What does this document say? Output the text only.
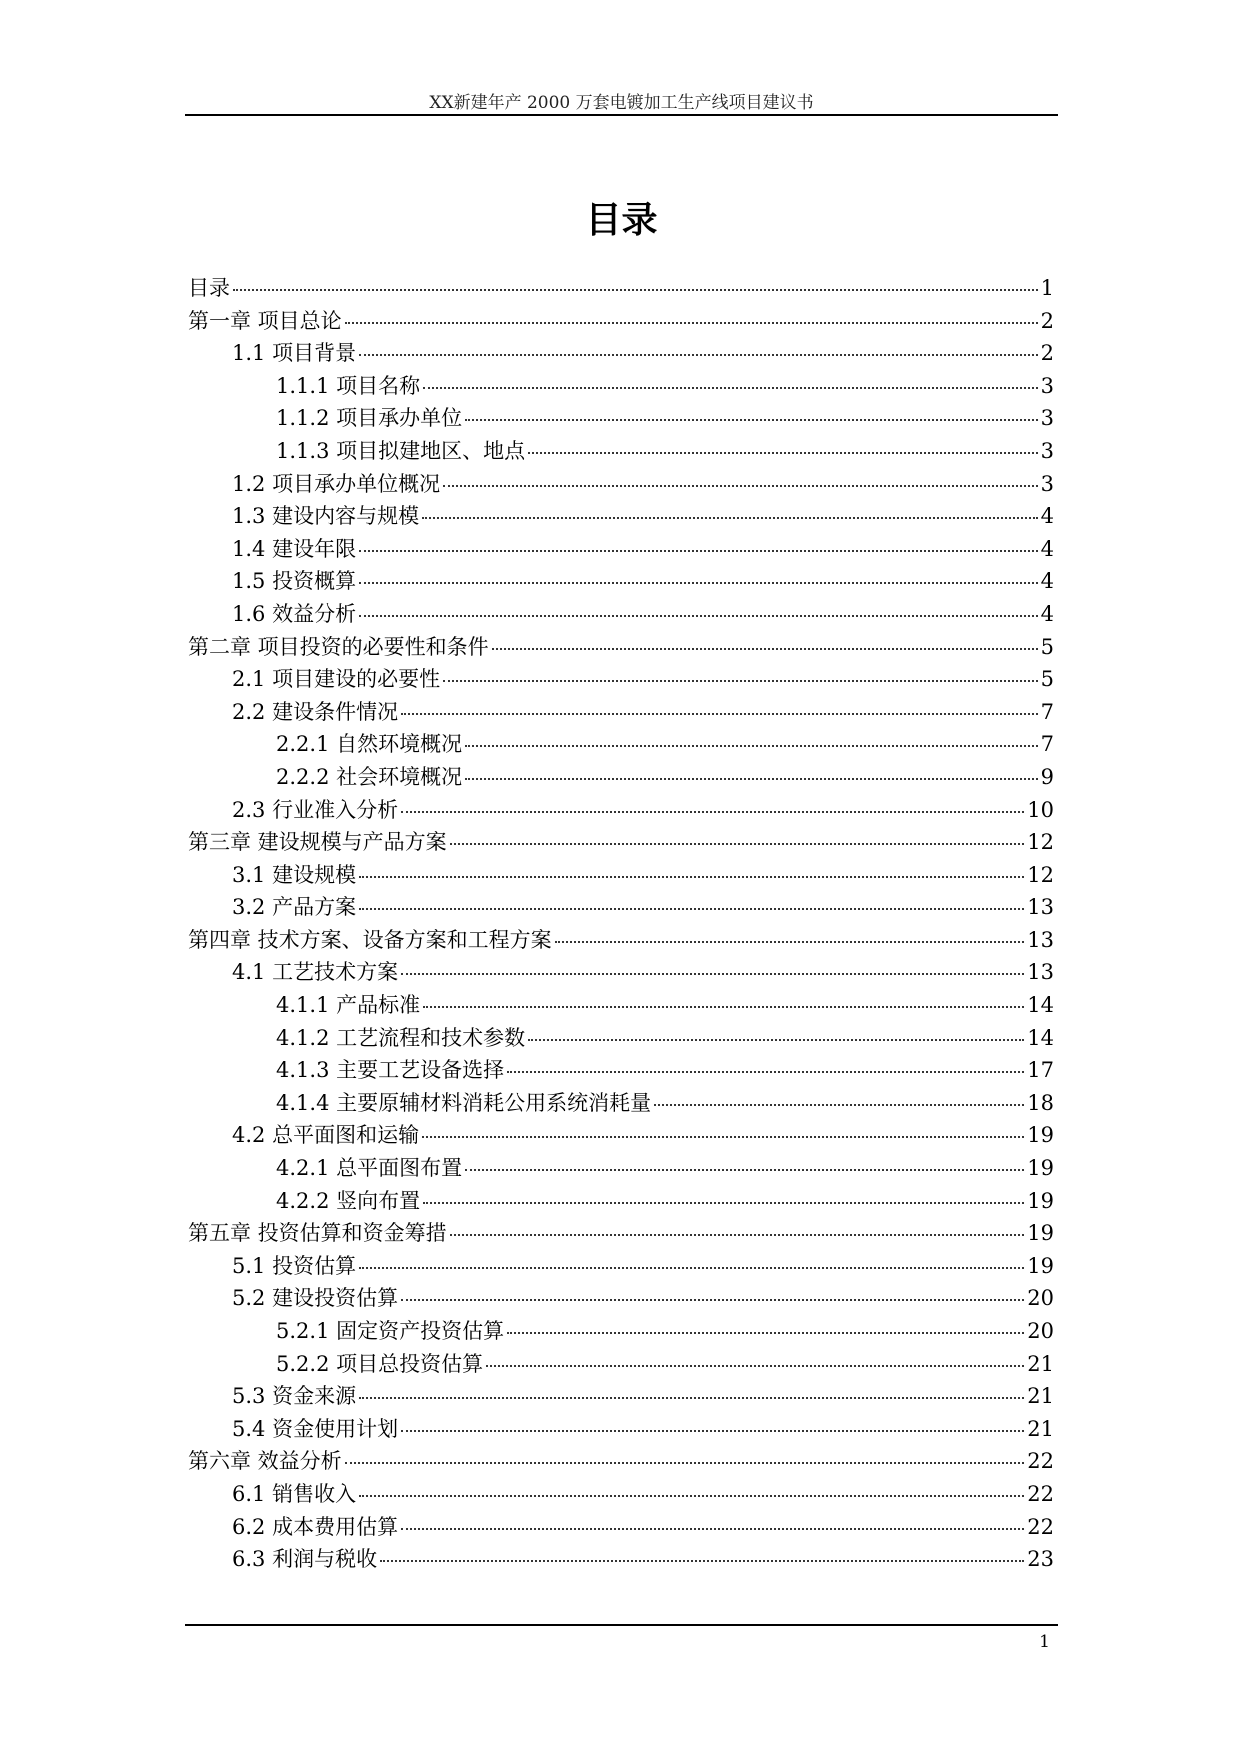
XX新建年产 2000 万套电镀加工生产线项目建议书
目录
目录	1
第一章 项目总论	2
1.1 项目背景	2
1.1.1 项目名称	3
1.1.2 项目承办单位	3
1.1.3 项目拟建地区、地点	3
1.2 项目承办单位概况	3
1.3 建设内容与规模	4
1.4 建设年限	4
1.5 投资概算	4
1.6 效益分析	4
第二章 项目投资的必要性和条件	5
2.1 项目建设的必要性	5
2.2 建设条件情况	7
2.2.1 自然环境概况	7
2.2.2 社会环境概况	9
2.3 行业准入分析	10
第三章 建设规模与产品方案	12
3.1 建设规模	12
3.2 产品方案	13
第四章 技术方案、设备方案和工程方案	13
4.1 工艺技术方案	13
4.1.1 产品标准	14
4.1.2 工艺流程和技术参数	14
4.1.3 主要工艺设备选择	17
4.1.4 主要原辅材料消耗公用系统消耗量	18
4.2 总平面图和运输	19
4.2.1 总平面图布置	19
4.2.2 竖向布置	19
第五章 投资估算和资金筹措	19
5.1 投资估算	19
5.2 建设投资估算	20
5.2.1 固定资产投资估算	20
5.2.2 项目总投资估算	21
5.3 资金来源	21
5.4 资金使用计划	21
第六章 效益分析	22
6.1 销售收入	22
6.2 成本费用估算	22
6.3 利润与税收	23
1
